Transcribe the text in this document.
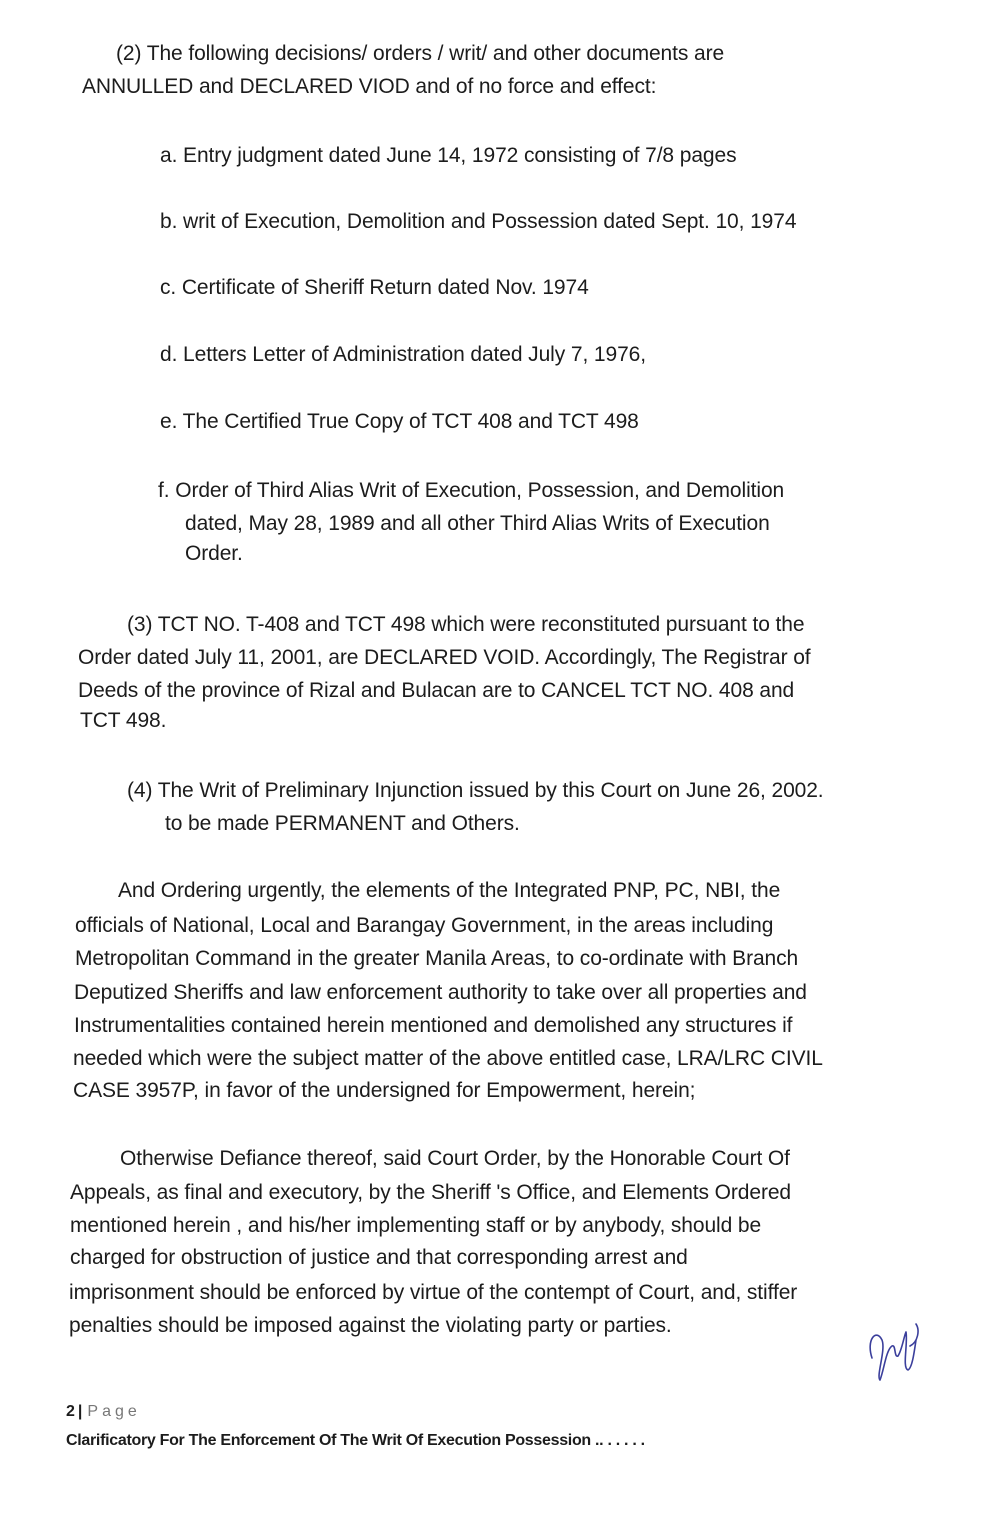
(2) The following decisions/ orders / writ/ and other documents are

ANNULLED and DECLARED VIOD and of no force and effect:

a. Entry judgment dated June 14, 1972 consisting of 7/8 pages

b. writ of Execution, Demolition and Possession dated Sept. 10, 1974

c. Certificate of Sheriff Return dated Nov. 1974

d. Letters Letter of Administration dated July 7, 1976,

e. The Certified True Copy of TCT 408 and TCT 498

f. Order of Third Alias Writ of Execution, Possession, and Demolition

dated, May 28, 1989 and all other Third Alias Writs of Execution

Order.

(3) TCT NO. T-408 and TCT 498 which were reconstituted pursuant to the

Order dated July 11, 2001, are DECLARED VOID. Accordingly, The Registrar of

Deeds of the province of Rizal and Bulacan are to CANCEL TCT NO. 408 and

TCT 498.

(4) The Writ of Preliminary Injunction issued by this Court on June 26, 2002.

to be made PERMANENT and Others.

And Ordering urgently, the elements of the Integrated PNP, PC, NBI, the

officials of National, Local and Barangay Government, in the areas including

Metropolitan Command in the greater Manila Areas, to co-ordinate with Branch

Deputized Sheriffs and law enforcement authority to take over all properties and

Instrumentalities contained herein mentioned and demolished any structures if

needed which were the subject matter of the above entitled case, LRA/LRC CIVIL

CASE 3957P, in favor of the undersigned for Empowerment, herein;

Otherwise Defiance thereof, said Court Order, by the Honorable Court Of

Appeals, as final and executory, by the Sheriff 's Office, and Elements Ordered

mentioned herein , and his/her implementing staff or by anybody, should be

charged for obstruction of justice and that corresponding arrest and

imprisonment should be enforced by virtue of the contempt of Court, and, stiffer

penalties should be imposed against the violating party or parties.

2 | Page

Clarificatory For The Enforcement Of The Writ Of Execution Possession .. . . . . .
